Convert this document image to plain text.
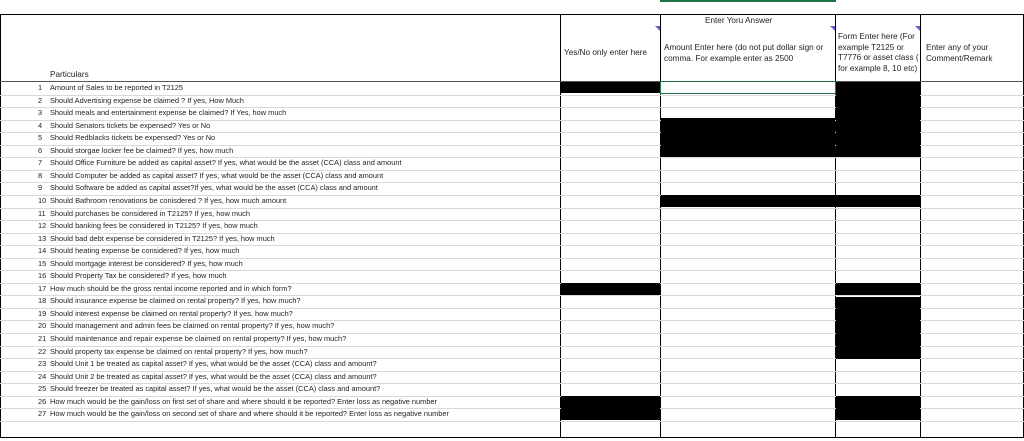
Enter Yoru Answer
Yes/No only enter here
Amount Enter here (do not put dollar sign or
comma. For example enter as 2500
Form Enter here (For
example T2125 or
T7776 or asset class (
for example 8, 10 etc)
Enter any of your
Comment/Remark
Particulars
1 Amount of Sales to be reported in T2125
2 Should Advertising expense be claimed ? If yes, How Much
3 Should meals and entertainment expense be claimed? If Yes, how much
4 Should Senators tickets be expensed? Yes or No
5 Should Redblacks tickets be expensed? Yes or No
6 Should storgae locker fee be claimed? If yes, how much
7 Should Office Furniture be added as capital asset? If yes, what would be the asset (CCA) class and amount
8 Should Computer be added as capital asset? If yes, what would be the asset (CCA) class and amount
9 Should Software be added as capital asset?If yes, what would be the asset (CCA) class and amount
10 Should Bathroom renovations be conisdered ? If yes, how much amount
11 Should purchases be considered in T2125? If yes, how much
12 Should banking fees be considered in T2125? If yes, how much
13 Should bad debt expense be considered in T2125? If yes, how much
14 Should heating expense be considered? If yes, how much
15 Should mortgage interest be considered? If yes, how much
16 Should Property Tax be considered? If yes, how much
17 How much should be the gross rental income reported and in which form?
18 Should insurance expense be claimed on rental property? If yes, how much?
19 Should interest expense be claimed on rental property? If yes, how much?
20 Should management and admin fees be claimed on rental property? If yes, how much?
21 Should maintenance and repair expense be claimed on rental property? If yes, how much?
22 Should property tax expense be claimed on rental property? If yes, how much?
23 Should Unit 1 be treated as capital asset? If yes, what would be the asset (CCA) class and amount?
24 Should Unit 2 be treated as capital asset? If yes, what would be the asset (CCA) class and amount?
25 Should freezer be treated as capital asset? If yes, what would be the asset (CCA) class and amount?
26 How much would be the gain/loss on first set of share and where should it be reported? Enter loss as negative number
27 How much would be the gain/loss on second set of share and where should it be reported? Enter loss as negative number
